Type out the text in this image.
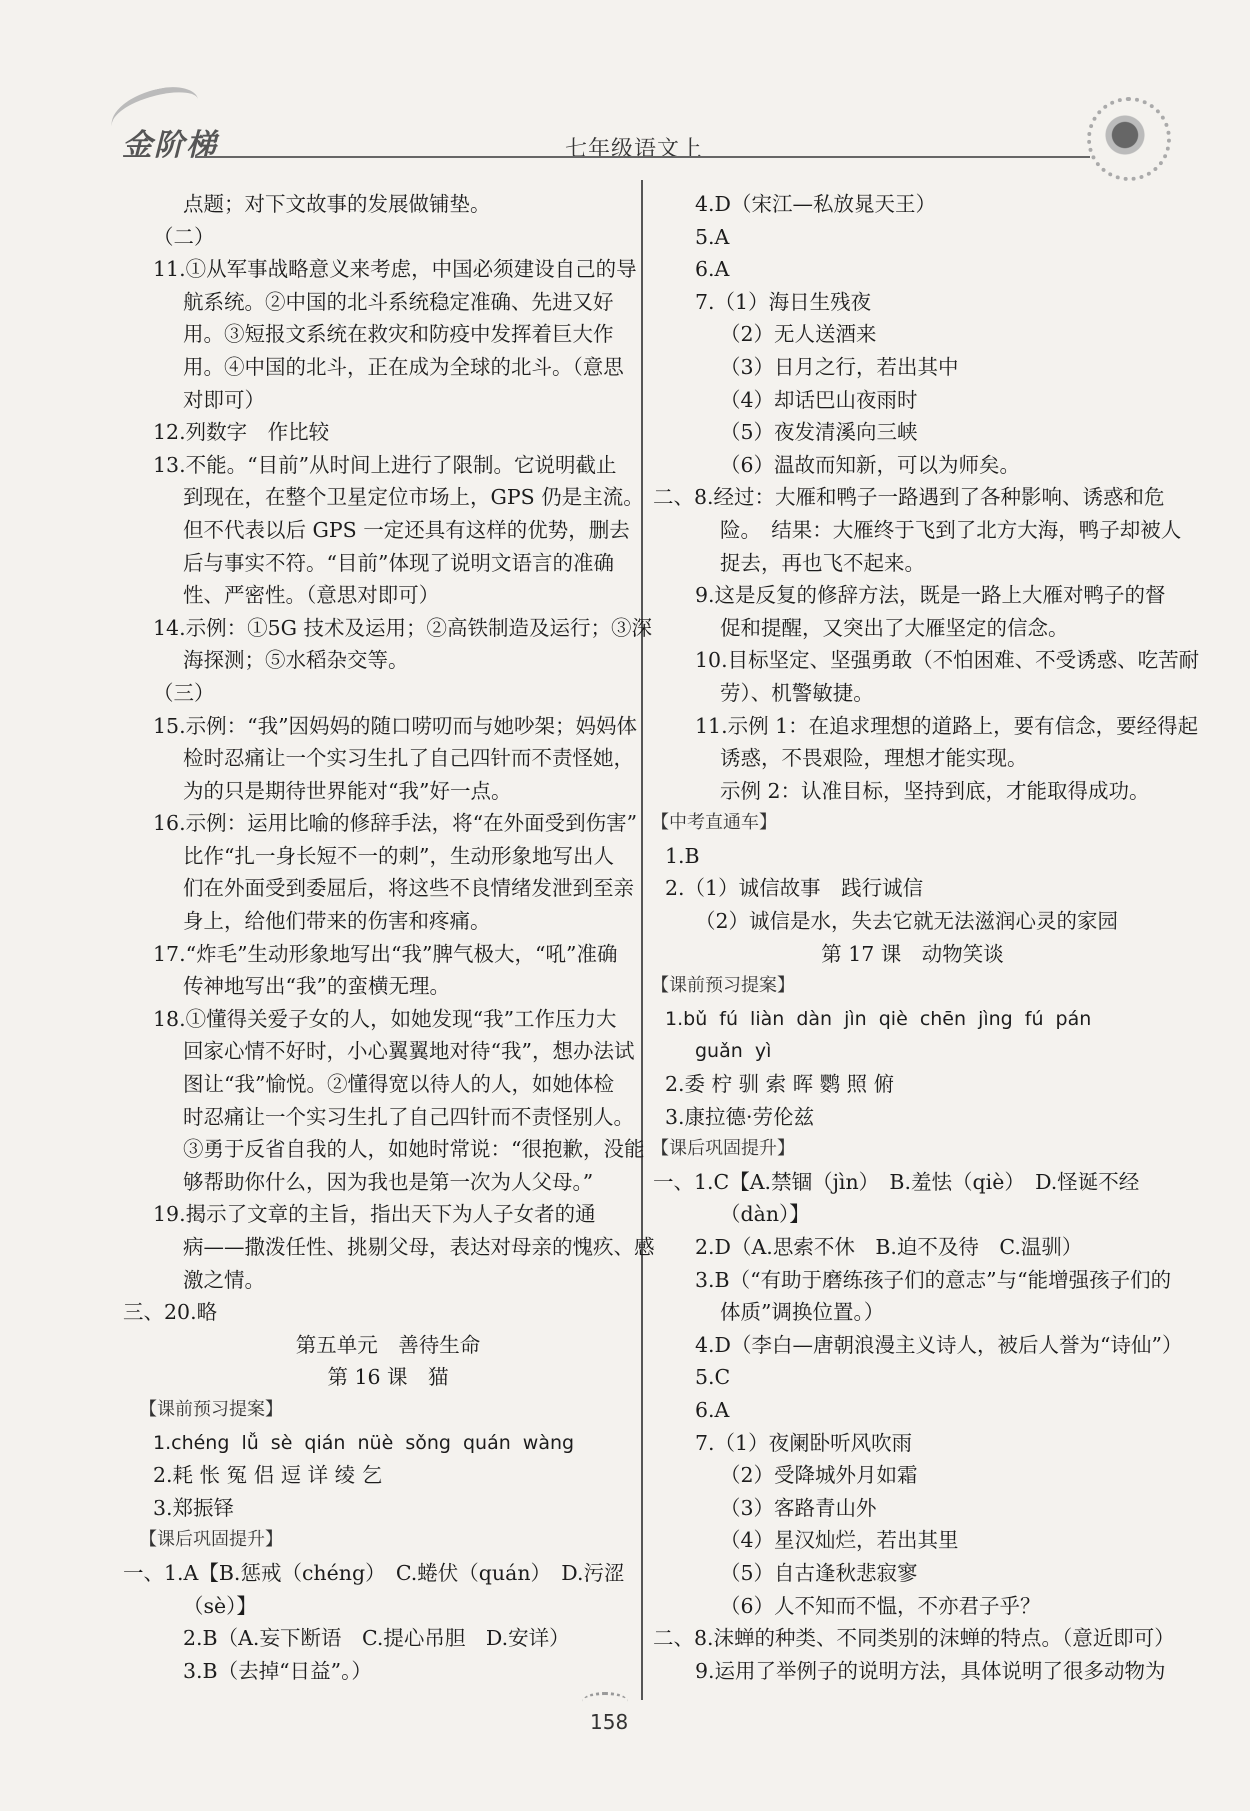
金阶梯	七年级语文上
点题；对下文故事的发展做铺垫。
（二）
11.①从军事战略意义来考虑，中国必须建设自己的导
航系统。②中国的北斗系统稳定准确、先进又好
用。③短报文系统在救灾和防疫中发挥着巨大作
用。④中国的北斗，正在成为全球的北斗。（意思
对即可）
12.列数字　作比较
13.不能。“目前”从时间上进行了限制。它说明截止
到现在，在整个卫星定位市场上，GPS 仍是主流。
但不代表以后 GPS 一定还具有这样的优势，删去
后与事实不符。“目前”体现了说明文语言的准确
性、严密性。（意思对即可）
14.示例：①5G 技术及运用；②高铁制造及运行；③深
海探测；⑤水稻杂交等。
（三）
15.示例：“我”因妈妈的随口唠叨而与她吵架；妈妈体
检时忍痛让一个实习生扎了自己四针而不责怪她，
为的只是期待世界能对“我”好一点。
16.示例：运用比喻的修辞手法，将“在外面受到伤害”
比作“扎一身长短不一的刺”，生动形象地写出人
们在外面受到委屈后，将这些不良情绪发泄到至亲
身上，给他们带来的伤害和疼痛。
17.“炸毛”生动形象地写出“我”脾气极大，“吼”准确
传神地写出“我”的蛮横无理。
18.①懂得关爱子女的人，如她发现“我”工作压力大
回家心情不好时，小心翼翼地对待“我”，想办法试
图让“我”愉悦。②懂得宽以待人的人，如她体检
时忍痛让一个实习生扎了自己四针而不责怪别人。
③勇于反省自我的人，如她时常说：“很抱歉，没能
够帮助你什么，因为我也是第一次为人父母。”
19.揭示了文章的主旨，指出天下为人子女者的通
病——撒泼任性、挑剔父母，表达对母亲的愧疚、感
激之情。
三、20.略
第五单元　善待生命
第 16 课　猫
【课前预习提案】
1.chéng lǚ sè qián nüè sǒng quán wàng
2.耗 怅 冤 侣 逗 详 绫 乞
3.郑振铎
【课后巩固提升】
一、1.A【B.惩戒（chéng）　C.蜷伏（quán）　D.污涩
（sè）】
2.B（A.妄下断语　C.提心吊胆　D.安详）
3.B（去掉“日益”。）
4.D（宋江—私放晁天王）
5.A
6.A
7.（1）海日生残夜
（2）无人送酒来
（3）日月之行，若出其中
（4）却话巴山夜雨时
（5）夜发清溪向三峡
（6）温故而知新，可以为师矣。
二、8.经过：大雁和鸭子一路遇到了各种影响、诱惑和危
险。　结果：大雁终于飞到了北方大海，鸭子却被人
捉去，再也飞不起来。
9.这是反复的修辞方法，既是一路上大雁对鸭子的督
促和提醒，又突出了大雁坚定的信念。
10.目标坚定、坚强勇敢（不怕困难、不受诱惑、吃苦耐
劳）、机警敏捷。
11.示例 1：在追求理想的道路上，要有信念，要经得起
诱惑，不畏艰险，理想才能实现。
示例 2：认准目标，坚持到底，才能取得成功。
【中考直通车】
1.B
2.（1）诚信故事　践行诚信
（2）诚信是水，失去它就无法滋润心灵的家园
第 17 课　动物笑谈
【课前预习提案】
1.bǔ fú liàn dàn jìn qiè chēn jìng fú pán
guǎn yì
2.委 柠 驯 索 晖 鹦 照 俯
3.康拉德·劳伦兹
【课后巩固提升】
一、1.C【A.禁锢（jìn）　B.羞怯（qiè）　D.怪诞不经
（dàn）】
2.D（A.思索不休　B.迫不及待　C.温驯）
3.B（“有助于磨练孩子们的意志”与“能增强孩子们的
体质”调换位置。）
4.D（李白—唐朝浪漫主义诗人，被后人誉为“诗仙”）
5.C
6.A
7.（1）夜阑卧听风吹雨
（2）受降城外月如霜
（3）客路青山外
（4）星汉灿烂，若出其里
（5）自古逢秋悲寂寥
（6）人不知而不愠，不亦君子乎？
二、8.沫蝉的种类、不同类别的沫蝉的特点。（意近即可）
9.运用了举例子的说明方法，具体说明了很多动物为
158
